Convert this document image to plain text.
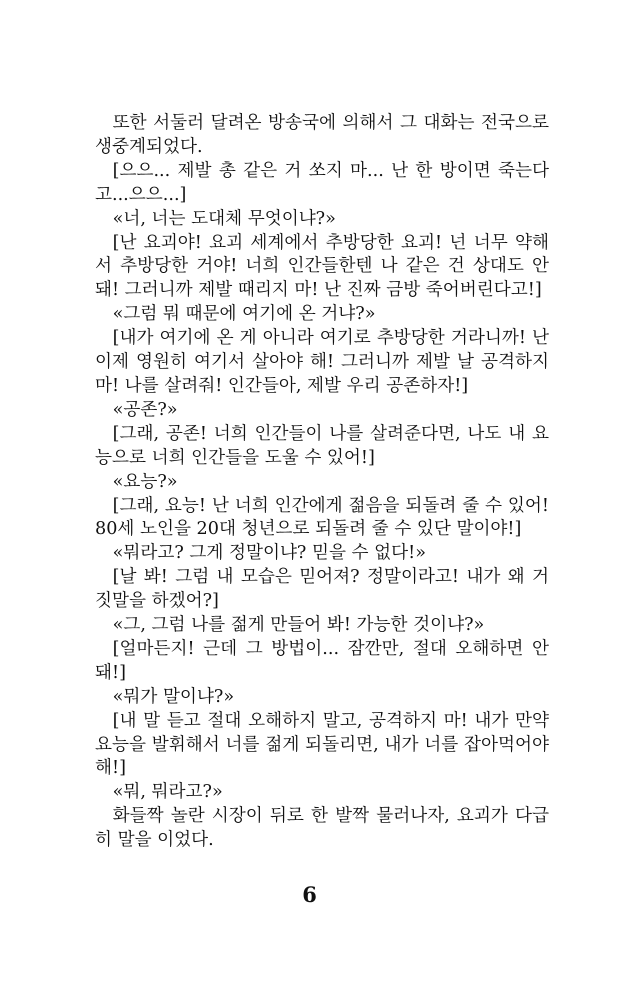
또한 서둘러 달려온 방송국에 의해서 그 대화는 전국으로 생중계되었다.

[으으... 제발 총 같은 거 쏘지 마... 난 한 방이면 죽는다고...으으...]

«너, 너는 도대체 무엇이냐?»

[난 요괴야! 요괴 세계에서 추방당한 요괴! 넌 너무 약해서 추방당한 거야! 너희 인간들한텐 나 같은 건 상대도 안 돼! 그러니까 제발 때리지 마! 난 진짜 금방 죽어버린다고!]

«그럼 뭐 때문에 여기에 온 거냐?»

[내가 여기에 온 게 아니라 여기로 추방당한 거라니까! 난 이제 영원히 여기서 살아야 해! 그러니까 제발 날 공격하지 마! 나를 살려줘! 인간들아, 제발 우리 공존하자!]

«공존?»

[그래, 공존! 너희 인간들이 나를 살려준다면, 나도 내 요능으로 너희 인간들을 도울 수 있어!]

«요능?»

[그래, 요능! 난 너희 인간에게 젊음을 되돌려 줄 수 있어! 80세 노인을 20대 청년으로 되돌려 줄 수 있단 말이야!]

«뭐라고? 그게 정말이냐? 믿을 수 없다!»

[날 봐! 그럼 내 모습은 믿어져? 정말이라고! 내가 왜 거짓말을 하겠어?]

«그, 그럼 나를 젊게 만들어 봐! 가능한 것이냐?»

[얼마든지! 근데 그 방법이... 잠깐만, 절대 오해하면 안 돼!]

«뭐가 말이냐?»

[내 말 듣고 절대 오해하지 말고, 공격하지 마! 내가 만약 요능을 발휘해서 너를 젊게 되돌리면, 내가 너를 잡아먹어야 해!]

«뭐, 뭐라고?»

화들짝 놀란 시장이 뒤로 한 발짝 물러나자, 요괴가 다급히 말을 이었다.

6
